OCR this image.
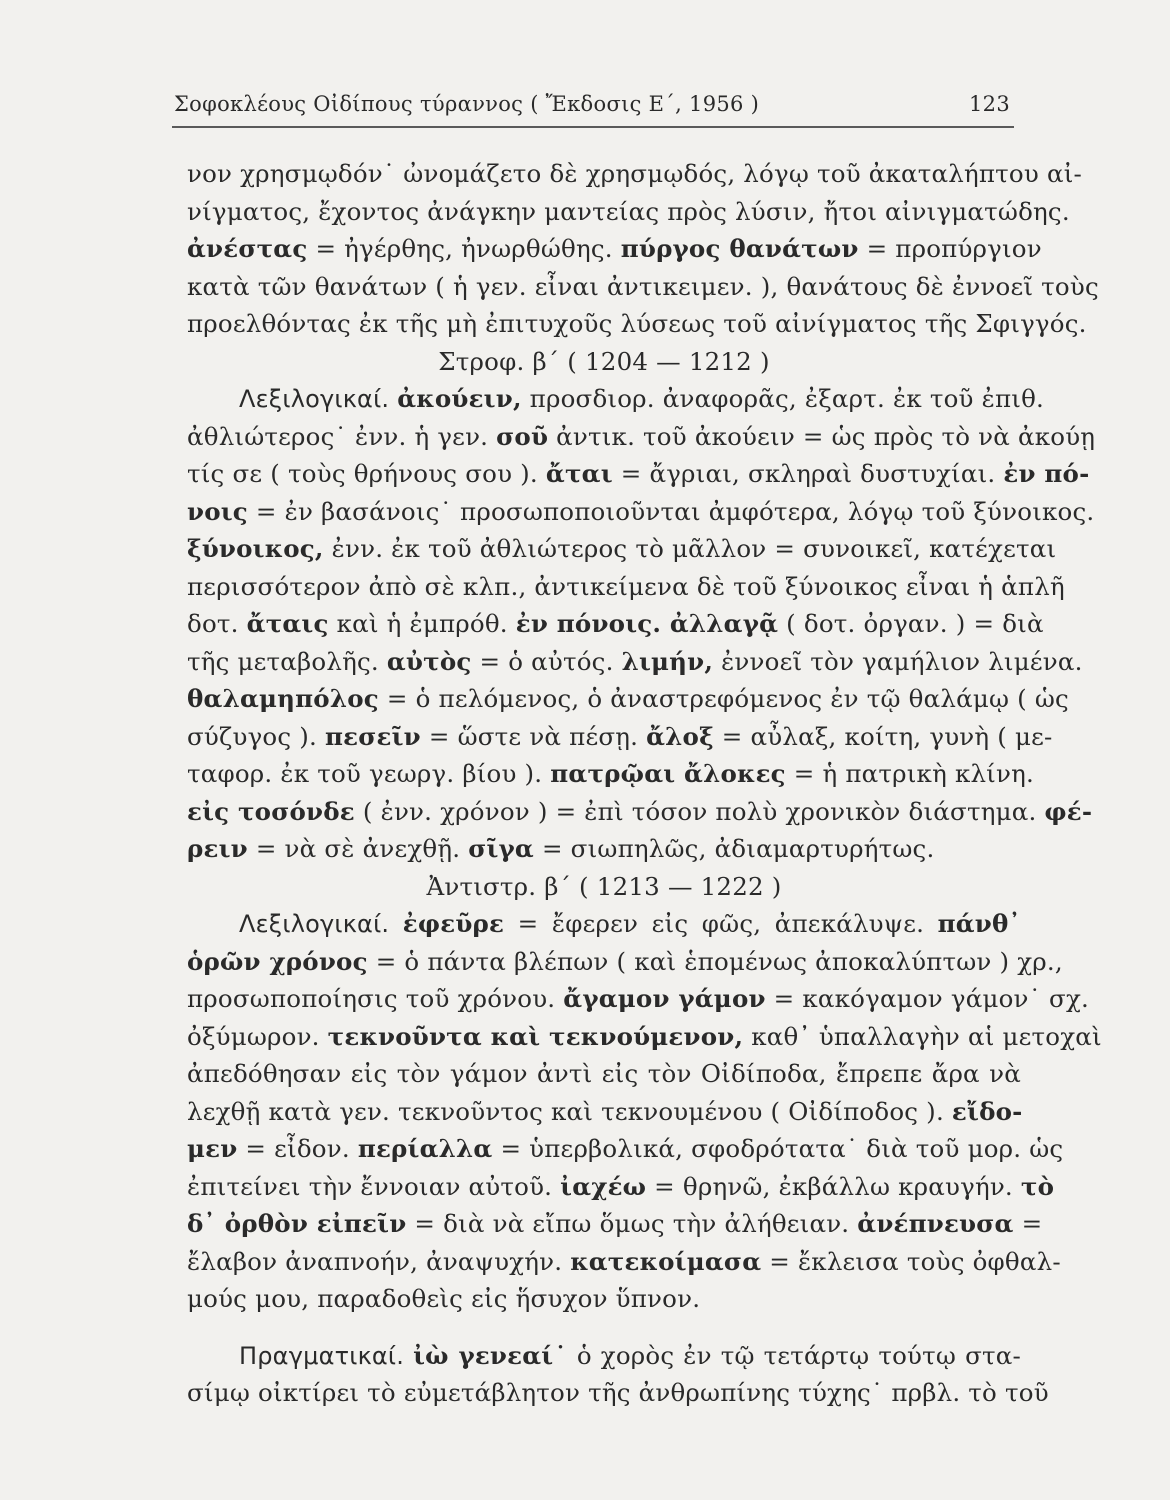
Σοφοκλέους Οἰδίπους τύραννος ( Ἔκδοσις Ε΄, 1956 )	123
νον χρησμῳδόν˙ ὠνομάζετο δὲ χρησμῳδός, λόγῳ τοῦ ἀκαταλήπτου αἰ-
νίγματος, ἔχοντος ἀνάγκην μαντείας πρὸς λύσιν, ἤτοι αἰνιγματώδης.
ἀνέστας = ἠγέρθης, ἠνωρθώθης. πύργος θανάτων = προπύργιον
κατὰ τῶν θανάτων ( ἡ γεν. εἶναι ἀντικειμεν. ), θανάτους δὲ ἐννοεῖ τοὺς
προελθόντας ἐκ τῆς μὴ ἐπιτυχοῦς λύσεως τοῦ αἰνίγματος τῆς Σφιγγός.
Στροφ. β΄ ( 1204 — 1212 )
Λεξιλογικαί. ἀκούειν, προσδιορ. ἀναφορᾶς, ἐξαρτ. ἐκ τοῦ ἐπιθ.
ἀθλιώτερος˙ ἐνν. ἡ γεν. σοῦ ἀντικ. τοῦ ἀκούειν = ὡς πρὸς τὸ νὰ ἀκούῃ
τίς σε ( τοὺς θρήνους σου ). ἄται = ἄγριαι, σκληραὶ δυστυχίαι. ἐν πό-
νοις = ἐν βασάνοις˙ προσωποποιοῦνται ἀμφότερα, λόγῳ τοῦ ξύνοικος.
ξύνοικος, ἐνν. ἐκ τοῦ ἀθλιώτερος τὸ μᾶλλον = συνοικεῖ, κατέχεται
περισσότερον ἀπὸ σὲ κλπ., ἀντικείμενα δὲ τοῦ ξύνοικος εἶναι ἡ ἁπλῆ
δοτ. ἄταις καὶ ἡ ἐμπρόθ. ἐν πόνοις. ἀλλαγᾷ ( δοτ. ὀργαν. ) = διὰ
τῆς μεταβολῆς. αὐτὸς = ὁ αὐτός. λιμήν, ἐννοεῖ τὸν γαμήλιον λιμένα.
θαλαμηπόλος = ὁ πελόμενος, ὁ ἀναστρεφόμενος ἐν τῷ θαλάμῳ ( ὡς
σύζυγος ). πεσεῖν = ὥστε νὰ πέσῃ. ἄλοξ = αὖλαξ, κοίτη, γυνὴ ( με-
ταφορ. ἐκ τοῦ γεωργ. βίου ). πατρῷαι ἄλοκες = ἡ πατρικὴ κλίνη.
εἰς τοσόνδε ( ἐνν. χρόνον ) = ἐπὶ τόσον πολὺ χρονικὸν διάστημα. φέ-
ρειν = νὰ σὲ ἀνεχθῇ. σῖγα = σιωπηλῶς, ἀδιαμαρτυρήτως.
Ἀντιστρ. β΄ ( 1213 — 1222 )
Λεξιλογικαί. ἐφεῦρε = ἔφερεν εἰς φῶς, ἀπεκάλυψε. πάνθ᾽
ὁρῶν χρόνος = ὁ πάντα βλέπων ( καὶ ἑπομένως ἀποκαλύπτων ) χρ.,
προσωποποίησις τοῦ χρόνου. ἄγαμον γάμον = κακόγαμον γάμον˙ σχ.
ὀξύμωρον. τεκνοῦντα καὶ τεκνούμενον, καθ᾽ ὑπαλλαγὴν αἱ μετοχαὶ
ἀπεδόθησαν εἰς τὸν γάμον ἀντὶ εἰς τὸν Οἰδίποδα, ἔπρεπε ἄρα νὰ
λεχθῇ κατὰ γεν. τεκνοῦντος καὶ τεκνουμένου ( Οἰδίποδος ). εἴδο-
μεν = εἶδον. περίαλλα = ὑπερβολικά, σφοδρότατα˙ διὰ τοῦ μορ. ὡς
ἐπιτείνει τὴν ἔννοιαν αὐτοῦ. ἰαχέω = θρηνῶ, ἐκβάλλω κραυγήν. τὸ
δ᾽ ὀρθὸν εἰπεῖν = διὰ νὰ εἴπω ὅμως τὴν ἀλήθειαν. ἀνέπνευσα =
ἔλαβον ἀναπνοήν, ἀναψυχήν. κατεκοίμασα = ἔκλεισα τοὺς ὀφθαλ-
μούς μου, παραδοθεὶς εἰς ἥσυχον ὕπνον.
Πραγματικαί. ἰὼ γενεαί˙ ὁ χορὸς ἐν τῷ τετάρτῳ τούτῳ στα-
σίμῳ οἰκτίρει τὸ εὐμετάβλητον τῆς ἀνθρωπίνης τύχης˙ πρβλ. τὸ τοῦ
